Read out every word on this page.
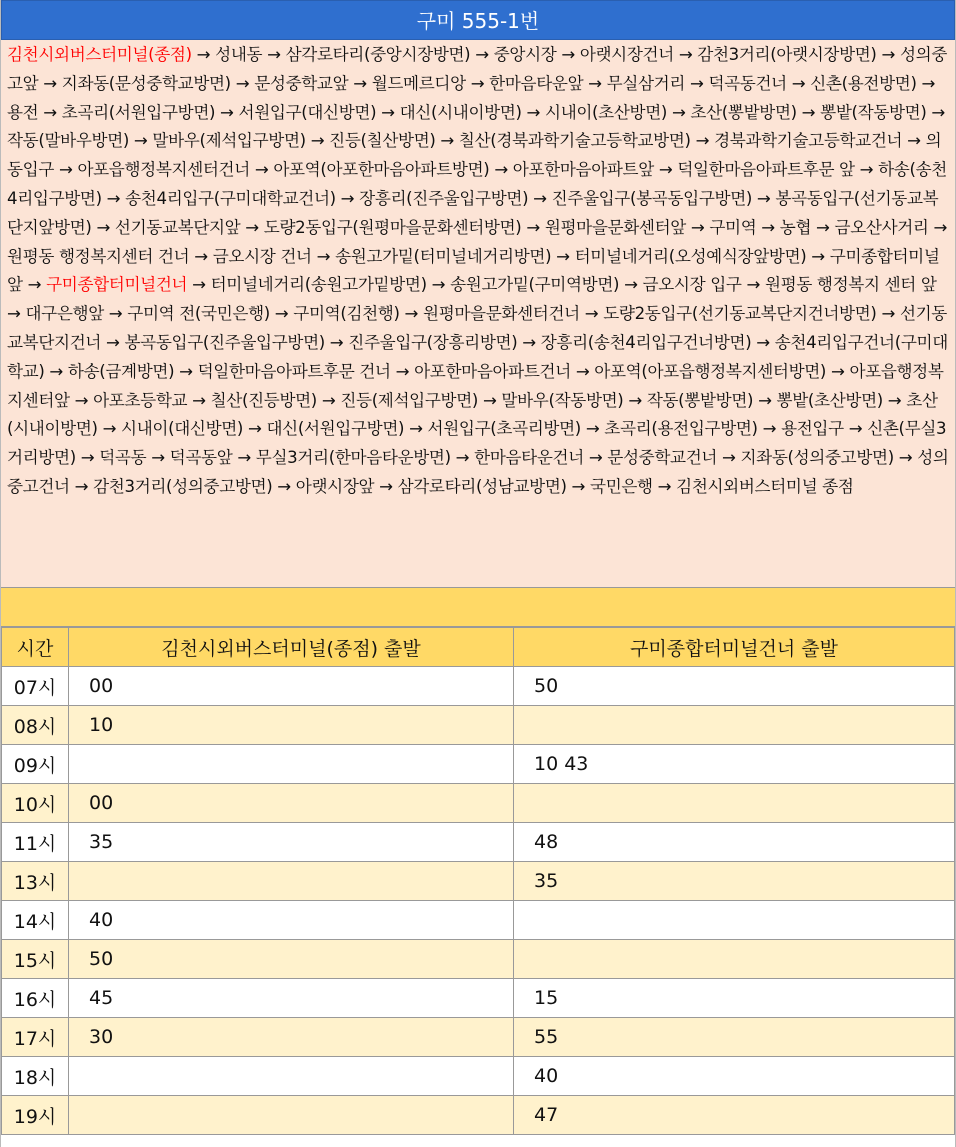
구미 555-1번
김천시외버스터미널(종점) → 성내동 → 삼각로타리(중앙시장방면) → 중앙시장 → 아랫시장건너 → 감천3거리(아랫시장방면) → 성의중고앞 → 지좌동(문성중학교방면) → 문성중학교앞 → 월드메르디앙 → 한마음타운앞 → 무실삼거리 → 덕곡동건너 → 신촌(용전방면) → 용전 → 초곡리(서원입구방면) → 서원입구(대신방면) → 대신(시내이방면) → 시내이(초산방면) → 초산(뽕밭방면) → 뽕밭(작동방면) → 작동(말바우방면) → 말바우(제석입구방면) → 진등(칠산방면) → 칠산(경북과학기술고등학교방면) → 경북과학기술고등학교건너 → 의동입구 → 아포읍행정복지센터건너 → 아포역(아포한마음아파트방면) → 아포한마음아파트앞 → 덕일한마음아파트후문 앞 → 하송(송천4리입구방면) → 송천4리입구(구미대학교건너) → 장흥리(진주울입구방면) → 진주울입구(봉곡동입구방면) → 봉곡동입구(선기동교복단지앞방면) → 선기동교복단지앞 → 도량2동입구(원평마을문화센터방면) → 원평마을문화센터앞 → 구미역 → 농협 → 금오산사거리 → 원평동 행정복지센터 건너 → 금오시장 건너 → 송원고가밑(터미널네거리방면) → 터미널네거리(오성예식장앞방면) → 구미종합터미널앞 → 구미종합터미널건너 → 터미널네거리(송원고가밑방면) → 송원고가밑(구미역방면) → 금오시장 입구 → 원평동 행정복지 센터 앞 → 대구은행앞 → 구미역 전(국민은행) → 구미역(김천행) → 원평마을문화센터건너 → 도량2동입구(선기동교복단지건너방면) → 선기동교복단지건너 → 봉곡동입구(진주울입구방면) → 진주울입구(장흥리방면) → 장흥리(송천4리입구건너방면) → 송천4리입구건너(구미대학교) → 하송(금계방면) → 덕일한마음아파트후문 건너 → 아포한마음아파트건너 → 아포역(아포읍행정복지센터방면) → 아포읍행정복지센터앞 → 아포초등학교 → 칠산(진등방면) → 진등(제석입구방면) → 말바우(작동방면) → 작동(뽕밭방면) → 뽕밭(초산방면) → 초산(시내이방면) → 시내이(대신방면) → 대신(서원입구방면) → 서원입구(초곡리방면) → 초곡리(용전입구방면) → 용전입구 → 신촌(무실3거리방면) → 덕곡동 → 덕곡동앞 → 무실3거리(한마음타운방면) → 한마음타운건너 → 문성중학교건너 → 지좌동(성의중고방면) → 성의중고건너 → 감천3거리(성의중고방면) → 아랫시장앞 → 삼각로타리(성남교방면) → 국민은행 → 김천시외버스터미널 종점
시간	김천시외버스터미널(종점) 출발	구미종합터미널건너 출발
07시	00	50
08시	10	
09시		10 43
10시	00	
11시	35	48
13시		35
14시	40	
15시	50	
16시	45	15
17시	30	55
18시		40
19시		47
